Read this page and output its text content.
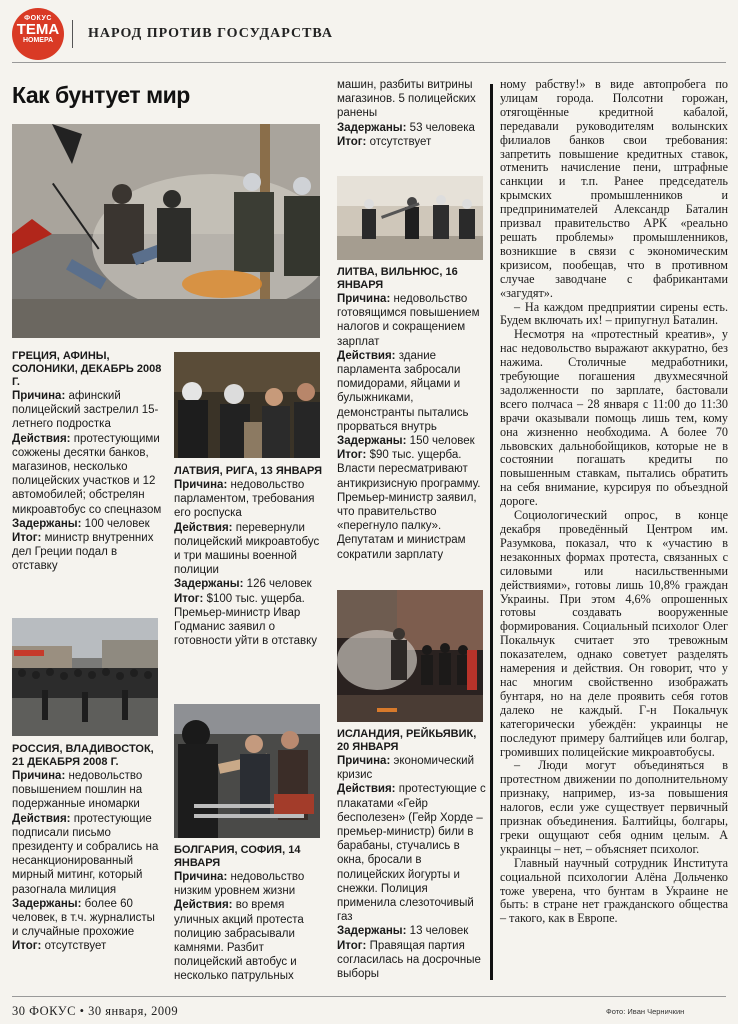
ФОКУС
ТЕМА
НОМЕРА	НАРОД ПРОТИВ ГОСУДАРСТВА
Как бунтует мир

ГРЕЦИЯ, АФИНЫ, СОЛОНИКИ, ДЕКАБРЬ 2008 Г.

Причина: афинский полицейский застрелил 15-летнего подростка

Действия: протестующими сожжены десятки банков, магазинов, несколько полицейских участков и 12 автомобилей; обстрелян микроавтобус со спецназом

Задержаны: 100 человек

Итог: министр внутренних дел Греции подал в отставку

РОССИЯ, ВЛАДИВОСТОК, 21 ДЕКАБРЯ 2008 Г.

Причина: недовольство повышением пошлин на подержанные иномарки

Действия: протестующие подписали письмо президенту и собрались на несанкционированный мирный митинг, который разогнала милиция

Задержаны: более 60 человек, в т.ч. журналисты и случайные прохожие

Итог: отсутствует

ЛАТВИЯ, РИГА, 13 ЯНВАРЯ

Причина: недовольство парламентом, требования его роспуска

Действия: перевернули полицейский микроавтобус и три машины военной полиции

Задержаны: 126 человек

Итог: $100 тыс. ущерба. Премьер-министр Ивар Годманис заявил о готовности уйти в отставку

БОЛГАРИЯ, СОФИЯ, 14 ЯНВАРЯ

Причина: недовольство низким уровнем жизни

Действия: во время уличных акций протеста полицию забрасывали камнями. Разбит полицейский автобус и несколько патрульных

машин, разбиты витрины магазинов. 5 полицейских ранены

Задержаны: 53 человека

Итог: отсутствует

ЛИТВА, ВИЛЬНЮС, 16 ЯНВАРЯ

Причина: недовольство готовящимся повышением налогов и сокращением зарплат

Действия: здание парламента забросали помидорами, яйцами и булыжниками, демонстранты пытались прорваться внутрь

Задержаны: 150 человек

Итог: $90 тыс. ущерба. Власти пересматривают антикризисную программу. Премьер-министр заявил, что правительство «перегнуло палку». Депутатам и министрам сократили зарплату

ИСЛАНДИЯ, РЕЙКЬЯВИК, 20 ЯНВАРЯ

Причина: экономический кризис

Действия: протестующие с плакатами «Гейр бесполезен» (Гейр Хорде – премьер-министр) били в барабаны, стучались в окна, бросали в полицейских йогурты и снежки. Полиция применила слезоточивый газ

Задержаны: 13 человек

Итог: Правящая партия согласилась на досрочные выборы

ному рабству!» в виде автопробега по улицам города. Полсотни горожан, отягощённые кредитной кабалой, передавали руководителям волынских филиалов банков свои требования: запретить повышение кредитных ставок, отменить начисление пени, штрафные санкции и т.п. Ранее председатель крымских промышленников и предпринимателей Александр Баталин призвал правительство АРК «реально решать проблемы» промышленников, возникшие в связи с экономическим кризисом, пообещав, что в противном случае заводчане с фабрикантами «загудят».

– На каждом предприятии сирены есть. Будем включать их! – припугнул Баталин.

Несмотря на «протестный креатив», у нас недовольство выражают аккуратно, без нажима. Столичные медработники, требующие погашения двухмесячной задолженности по зарплате, бастовали всего полчаса – 28 января с 11:00 до 11:30 врачи оказывали помощь лишь тем, кому она жизненно необходима. А более 70 львовских дальнобойщиков, которые не в состоянии погашать кредиты по повышенным ставкам, пытались обратить на себя внимание, курсируя по объездной дороге.

Социологический опрос, в конце декабря проведённый Центром им. Разумкова, показал, что к «участию в незаконных формах протеста, связанных с силовыми или насильственными действиями», готовы лишь 10,8% граждан Украины. При этом 4,6% опрошенных готовы создавать вооруженные формирования. Социальный психолог Олег Покальчук считает это тревожным показателем, однако советует разделять намерения и действия. Он говорит, что у нас многим свойственно изображать бунтаря, но на деле проявить себя готов далеко не каждый. Г-н Покальчук категорически убеждён: украинцы не последуют примеру балтийцев или болгар, громивших полицейские микроавтобусы.

– Люди могут объединяться в протестном движении по дополнительному признаку, например, из-за повышения налогов, если уже существует первичный признак объединения. Балтийцы, болгары, греки ощущают себя одним целым. А украинцы – нет, – объясняет психолог.

Главный научный сотрудник Института социальной психологии Алёна Дольченко тоже уверена, что бунтам в Украине не быть: в стране нет гражданского общества – такого, как в Европе.

30 ФОКУС • 30 января, 2009	Фото: Иван Черничкин
